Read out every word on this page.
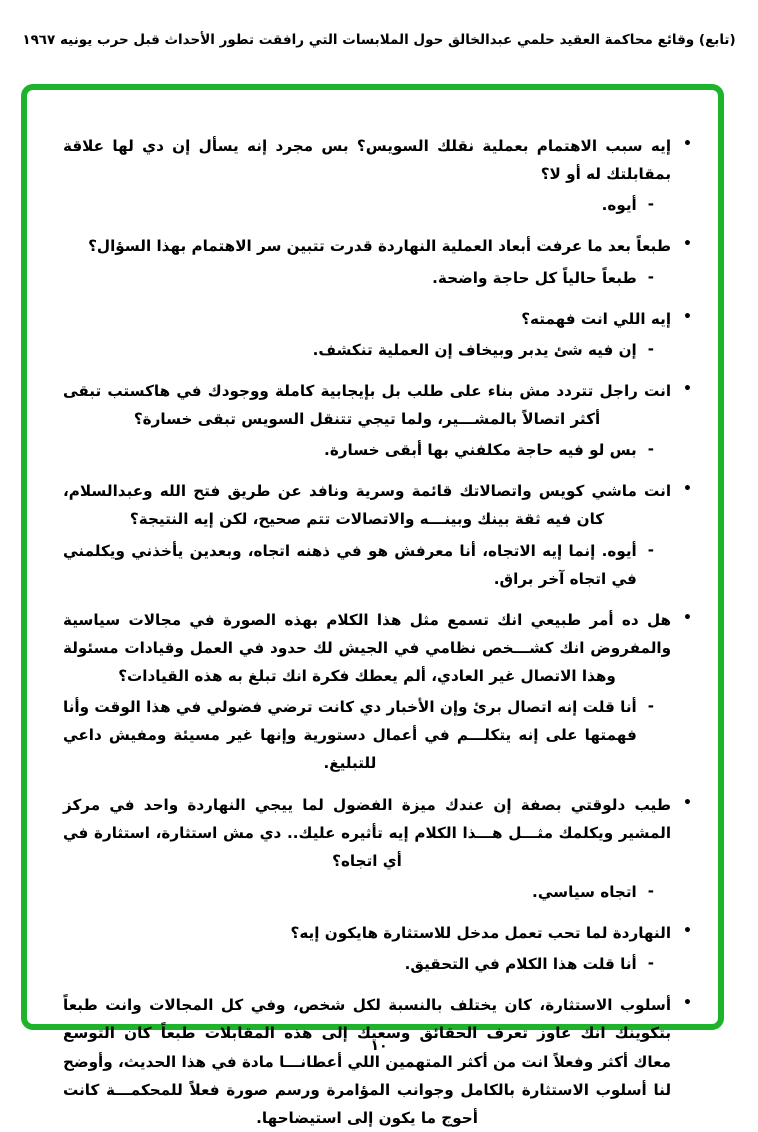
(تابع) وقائع محاكمة العقيد حلمي عبدالخالق حول الملابسات التي رافقت تطور الأحداث قبل حرب يونيه ١٩٦٧
•

إيه سبب الاهتمام بعملية نقلك السويس؟ بس مجرد إنه يسأل إن دي لها علاقة بمقابلتك له أو لا؟

-

أيوه.

•

طبعاً بعد ما عرفت أبعاد العملية النهاردة قدرت تتبين سر الاهتمام بهذا السؤال؟

-

طبعاً حالياً كل حاجة واضحة.

•

إيه اللي انت فهمته؟

-

إن فيه شئ يدبر وبيخاف إن العملية تنكشف.

•

انت راجل تتردد مش بناء على طلب بل بإيجابية كاملة ووجودك في هاكستب تبقى أكثر اتصالاً بالمشـــير، ولما تيجي تتنقل السويس تبقى خسارة؟

-

بس لو فيه حاجة مكلفني بها أبقى خسارة.

•

انت ماشي كويس واتصالاتك قائمة وسرية ونافد عن طريق فتح الله وعبدالسلام، كان فيه ثقة بينك وبينـــه والاتصالات تتم صحيح، لكن إيه النتيجة؟

-

أيوه. إنما إيه الاتجاه، أنا معرفش هو في ذهنه اتجاه، وبعدين يأخذني ويكلمني في اتجاه آخر براق.

•

هل ده أمر طبيعي انك تسمع مثل هذا الكلام بهذه الصورة في مجالات سياسية والمفروض انك كشـــخص نظامي في الجيش لك حدود في العمل وقيادات مسئولة وهذا الاتصال غير العادي، ألم يعطك فكرة انك تبلغ به هذه القيادات؟

-

أنا قلت إنه اتصال برئ وإن الأخبار دي كانت ترضي فضولي في هذا الوقت وأنا فهمتها على إنه يتكلـــم في أعمال دستورية وإنها غير مسيئة ومفيش داعي للتبليغ.

•

طيب دلوقتي بصفة إن عندك ميزة الفضول لما ييجي النهاردة واحد في مركز المشير ويكلمك مثـــل هـــذا الكلام إيه تأثيره عليك.. دي مش استثارة، استثارة في أي اتجاه؟

-

اتجاه سياسي.

•

النهاردة لما تحب تعمل مدخل للاستثارة هايكون إيه؟

-

أنا قلت هذا الكلام في التحقيق.

•

أسلوب الاستثارة، كان يختلف بالنسبة لكل شخص، وفي كل المجالات وانت طبعاً بتكوينك انك عاوز تعرف الحقائق وسعيك إلى هذه المقابلات طبعاً كان التوسع معاك أكثر وفعلاً انت من أكثر المتهمين اللي أعطانـــا مادة في هذا الحديث، وأوضح لنا أسلوب الاستثارة بالكامل وجوانب المؤامرة ورسم صورة فعلاً للمحكمـــة كانت أحوج ما يكون إلى استيضاحها.

١٠
